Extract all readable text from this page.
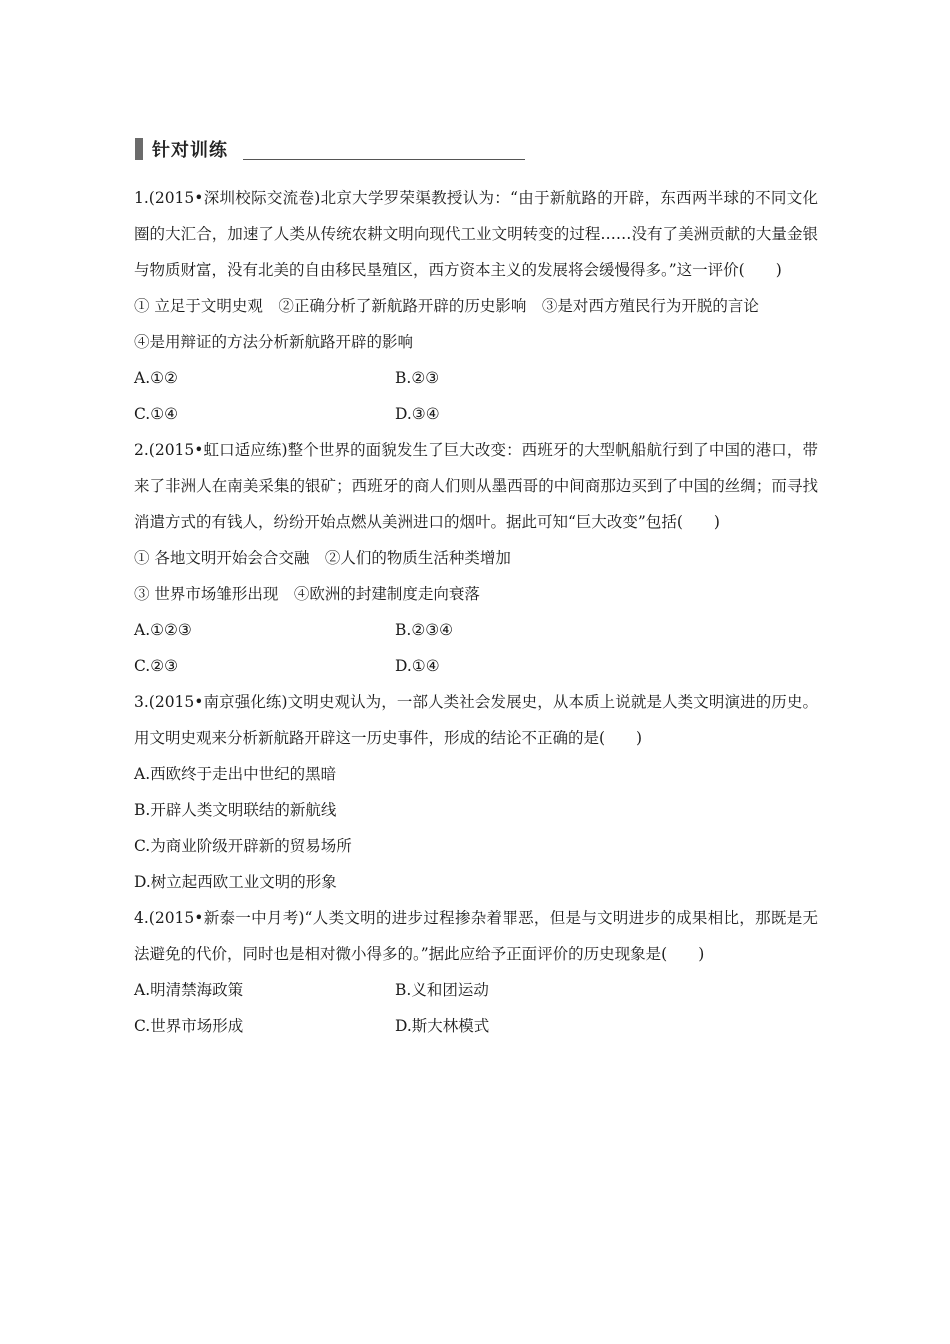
针对训练

1.(2015•深圳校际交流卷)北京大学罗荣渠教授认为：“由于新航路的开辟，东西两半球的不同文化圈的大汇合，加速了人类从传统农耕文明向现代工业文明转变的过程……没有了美洲贡献的大量金银与物质财富，没有北美的自由移民垦殖区，西方资本主义的发展将会缓慢得多。”这一评价(　　)

① 立足于文明史观　②正确分析了新航路开辟的历史影响　③是对西方殖民行为开脱的言论

④是用辩证的方法分析新航路开辟的影响

A.①②	B.②③
C.①④	D.③④

2.(2015•虹口适应练)整个世界的面貌发生了巨大改变：西班牙的大型帆船航行到了中国的港口，带来了非洲人在南美采集的银矿；西班牙的商人们则从墨西哥的中间商那边买到了中国的丝绸；而寻找消遣方式的有钱人，纷纷开始点燃从美洲进口的烟叶。据此可知“巨大改变”包括(　　)

① 各地文明开始会合交融　②人们的物质生活种类增加

③ 世界市场雏形出现　④欧洲的封建制度走向衰落

A.①②③	B.②③④
C.②③	D.①④

3.(2015•南京强化练)文明史观认为，一部人类社会发展史，从本质上说就是人类文明演进的历史。用文明史观来分析新航路开辟这一历史事件，形成的结论不正确的是(　　)

A.西欧终于走出中世纪的黑暗

B.开辟人类文明联结的新航线

C.为商业阶级开辟新的贸易场所

D.树立起西欧工业文明的形象

4.(2015•新泰一中月考)“人类文明的进步过程掺杂着罪恶，但是与文明进步的成果相比，那既是无法避免的代价，同时也是相对微小得多的。”据此应给予正面评价的历史现象是(　　)

A.明清禁海政策	B.义和团运动
C.世界市场形成	D.斯大林模式
